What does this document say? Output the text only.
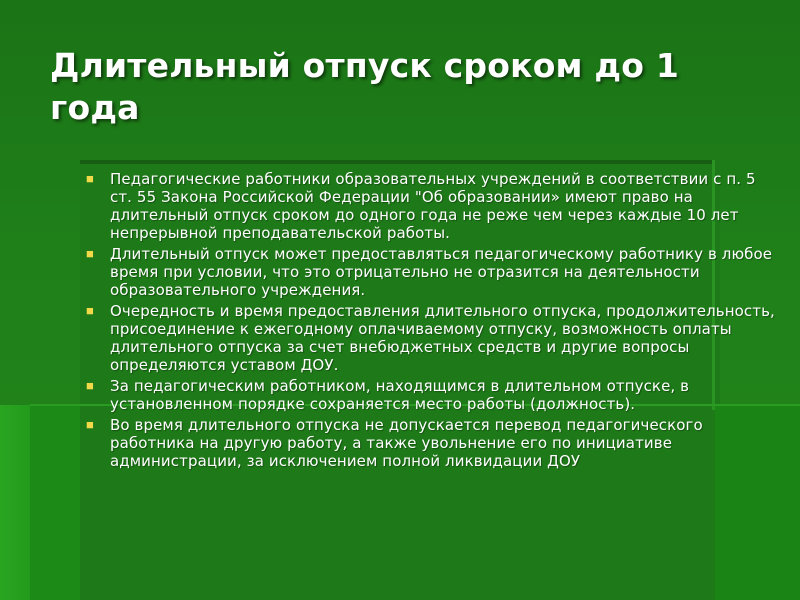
Длительный отпуск сроком до 1 года
■ Педагогические работники образовательных учреждений в соответствии с п. 5 ст. 55 Закона Российской Федерации "Об образовании» имеют право на длительный отпуск сроком до одного года не реже чем через каждые 10 лет непрерывной преподавательской работы.
■ Длительный отпуск может предоставляться педагогическому работнику в любое время при условии, что это отрицательно не отразится на деятельности образовательного учреждения.
■ Очередность и время предоставления длительного отпуска, продолжительность, присоединение к ежегодному оплачиваемому отпуску, возможность оплаты длительного отпуска за счет внебюджетных средств и другие вопросы определяются уставом ДОУ.
■ За педагогическим работником, находящимся в длительном отпуске, в установленном порядке сохраняется место работы (должность).
■ Во время длительного отпуска не допускается перевод педагогического работника на другую работу, а также увольнение его по инициативе администрации, за исключением полной ликвидации ДОУ
